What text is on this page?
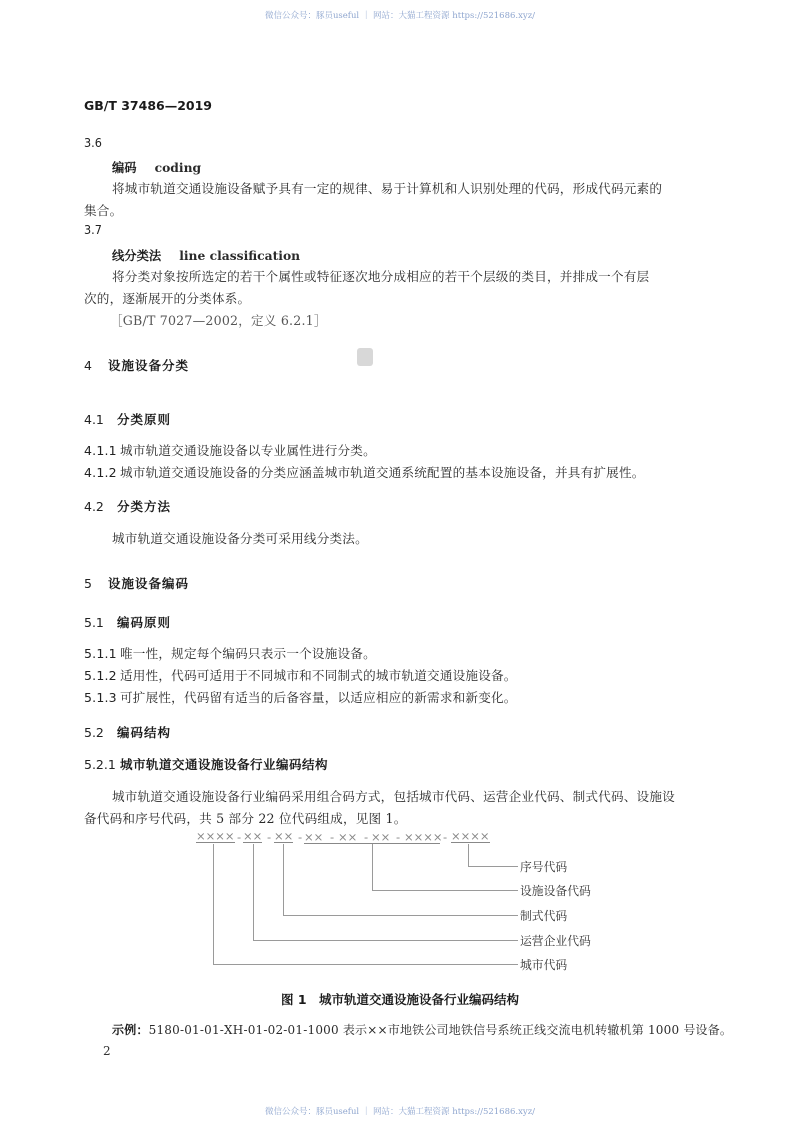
微信公众号：豚员useful ｜ 网站：大猫工程资源 https://521686.xyz/
GB/T 37486—2019
3.6
编码 coding
将城市轨道交通设施设备赋予具有一定的规律、易于计算机和人识别处理的代码，形成代码元素的
集合。
3.7
线分类法 line classification
将分类对象按所选定的若干个属性或特征逐次地分成相应的若干个层级的类目，并排成一个有层
次的，逐渐展开的分类体系。
［GB/T 7027—2002，定义 6.2.1］
4 设施设备分类
4.1 分类原则
4.1.1 城市轨道交通设施设备以专业属性进行分类。
4.1.2 城市轨道交通设施设备的分类应涵盖城市轨道交通系统配置的基本设施设备，并具有扩展性。
4.2 分类方法
城市轨道交通设施设备分类可采用线分类法。
5 设施设备编码
5.1 编码原则
5.1.1 唯一性，规定每个编码只表示一个设施设备。
5.1.2 适用性，代码可适用于不同城市和不同制式的城市轨道交通设施设备。
5.1.3 可扩展性，代码留有适当的后备容量，以适应相应的新需求和新变化。
5.2 编码结构
5.2.1 城市轨道交通设施设备行业编码结构
城市轨道交通设施设备行业编码采用组合码方式，包括城市代码、运营企业代码、制式代码、设施设
备代码和序号代码，共 5 部分 22 位代码组成，见图 1。
×××× - ×× - ×× - ×× - ×× - ×× - ×××× - ××××
序号代码
设施设备代码
制式代码
运营企业代码
城市代码
图 1　城市轨道交通设施设备行业编码结构
示例：5180-01-01-XH-01-02-01-1000 表示××市地铁公司地铁信号系统正线交流电机转辙机第 1000 号设备。
2
微信公众号：豚员useful ｜ 网站：大猫工程资源 https://521686.xyz/
